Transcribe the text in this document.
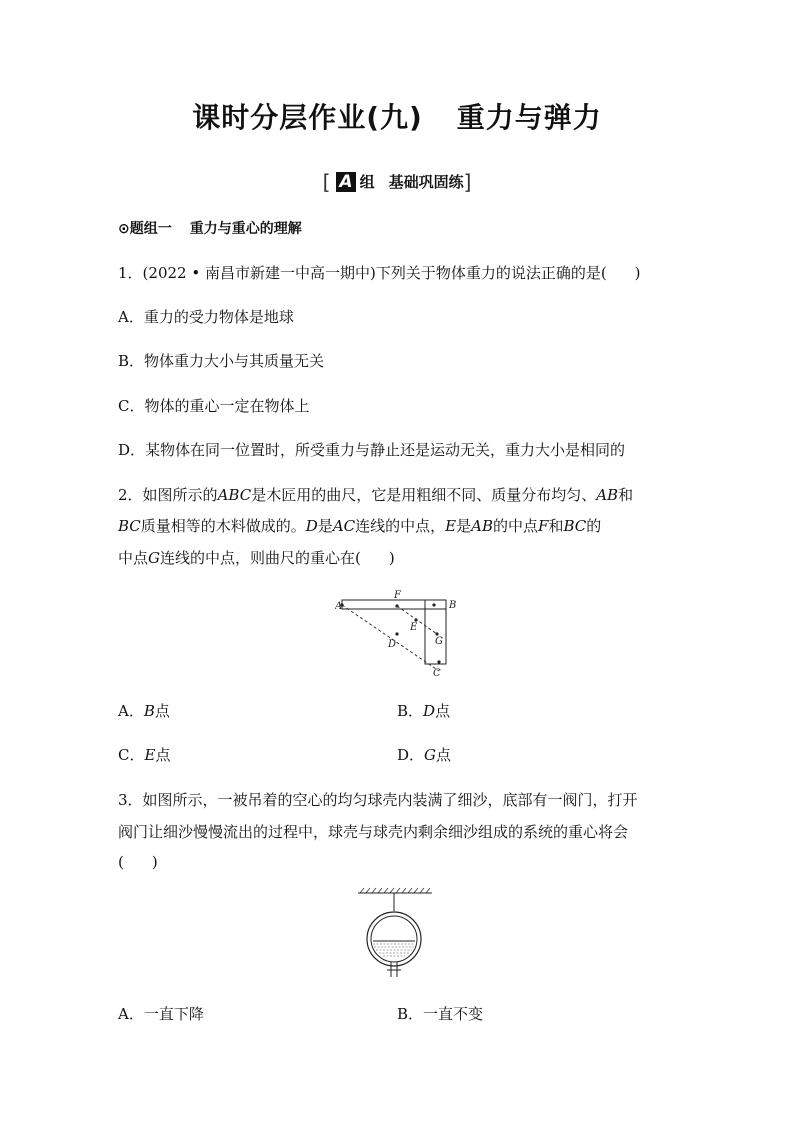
课时分层作业(九) 重力与弹力
[ A 组 基础巩固练]
⊙题组一 重力与重心的理解
1．(2022 • 南昌市新建一中高一期中)下列关于物体重力的说法正确的是( )
A．重力的受力物体是地球
B．物体重力大小与其质量无关
C．物体的重心一定在物体上
D．某物体在同一位置时，所受重力与静止还是运动无关，重力大小是相同的
2．如图所示的ABC是木匠用的曲尺，它是用粗细不同、质量分布均匀、AB和
BC质量相等的木料做成的。D是AC连线的中点，E是AB的中点F和BC的
中点G连线的中点，则曲尺的重心在( )
A
F
B
E
G
D
C
A．B点	B．D点
C．E点	D．G点
3．如图所示，一被吊着的空心的均匀球壳内装满了细沙，底部有一阀门，打开
阀门让细沙慢慢流出的过程中，球壳与球壳内剩余细沙组成的系统的重心将会
( )
A．一直下降	B．一直不变
